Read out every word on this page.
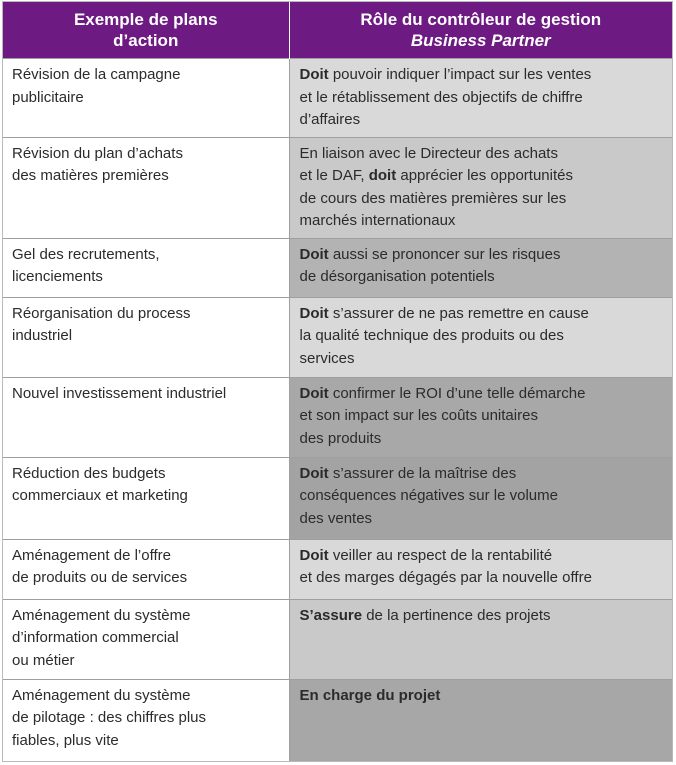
Exemple de plans
d’action	Rôle du contrôleur de gestion
Business Partner

Révision de la campagne
publicitaire	Doit pouvoir indiquer l’impact sur les ventes
et le rétablissement des objectifs de chiffre
d’affaires

Révision du plan d’achats
des matières premières	En liaison avec le Directeur des achats
et le DAF, doit apprécier les opportunités
de cours des matières premières sur les
marchés internationaux

Gel des recrutements,
licenciements	Doit aussi se prononcer sur les risques
de désorganisation potentiels

Réorganisation du process
industriel	Doit s’assurer de ne pas remettre en cause
la qualité technique des produits ou des
services

Nouvel investissement industriel	Doit confirmer le ROI d’une telle démarche
et son impact sur les coûts unitaires
des produits

Réduction des budgets
commerciaux et marketing	Doit s’assurer de la maîtrise des
conséquences négatives sur le volume
des ventes

Aménagement de l’offre
de produits ou de services	Doit veiller au respect de la rentabilité
et des marges dégagés par la nouvelle offre

Aménagement du système
d’information commercial
ou métier	S’assure de la pertinence des projets

Aménagement du système
de pilotage : des chiffres plus
fiables, plus vite	En charge du projet
